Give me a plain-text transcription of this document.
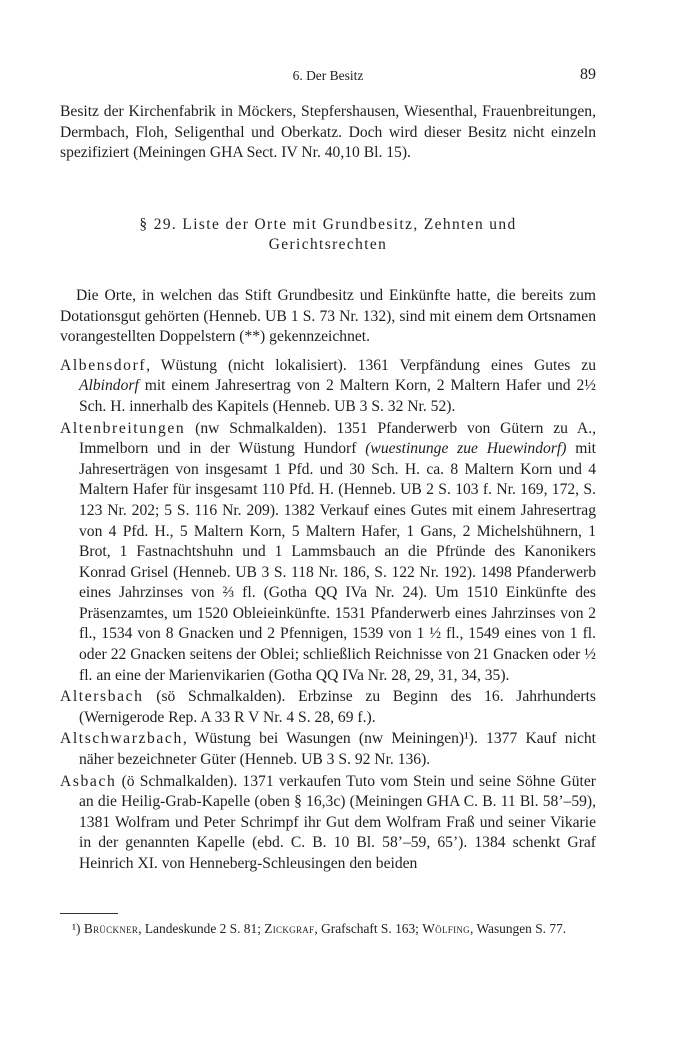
6. Der Besitz	89

Besitz der Kirchenfabrik in Möckers, Stepfershausen, Wiesenthal, Frauenbreitungen, Dermbach, Floh, Seligenthal und Oberkatz. Doch wird dieser Besitz nicht einzeln spezifiziert (Meiningen GHA Sect. IV Nr. 40,10 Bl. 15).

§ 29. Liste der Orte mit Grundbesitz, Zehnten und
Gerichtsrechten

Die Orte, in welchen das Stift Grundbesitz und Einkünfte hatte, die bereits zum Dotationsgut gehörten (Henneb. UB 1 S. 73 Nr. 132), sind mit einem dem Ortsnamen vorangestellten Doppelstern (**) gekennzeichnet.

Albensdorf, Wüstung (nicht lokalisiert). 1361 Verpfändung eines Gutes zu Albindorf mit einem Jahresertrag von 2 Maltern Korn, 2 Maltern Hafer und 2½ Sch. H. innerhalb des Kapitels (Henneb. UB 3 S. 32 Nr. 52).

Altenbreitungen (nw Schmalkalden). 1351 Pfanderwerb von Gütern zu A., Immelborn und in der Wüstung Hundorf (wuestinunge zue Huewindorf) mit Jahreserträgen von insgesamt 1 Pfd. und 30 Sch. H. ca. 8 Maltern Korn und 4 Maltern Hafer für insgesamt 110 Pfd. H. (Henneb. UB 2 S. 103 f. Nr. 169, 172, S. 123 Nr. 202; 5 S. 116 Nr. 209). 1382 Verkauf eines Gutes mit einem Jahresertrag von 4 Pfd. H., 5 Maltern Korn, 5 Maltern Hafer, 1 Gans, 2 Michelshühnern, 1 Brot, 1 Fastnachtshuhn und 1 Lammsbauch an die Pfründe des Kanonikers Konrad Grisel (Henneb. UB 3 S. 118 Nr. 186, S. 122 Nr. 192). 1498 Pfanderwerb eines Jahrzinses von ⅔ fl. (Gotha QQ IVa Nr. 24). Um 1510 Einkünfte des Präsenzamtes, um 1520 Obleieinkünfte. 1531 Pfanderwerb eines Jahrzinses von 2 fl., 1534 von 8 Gnacken und 2 Pfennigen, 1539 von 1 ½ fl., 1549 eines von 1 fl. oder 22 Gnacken seitens der Oblei; schließlich Reichnisse von 21 Gnacken oder ½ fl. an eine der Marienvikarien (Gotha QQ IVa Nr. 28, 29, 31, 34, 35).

Altersbach (sö Schmalkalden). Erbzinse zu Beginn des 16. Jahrhunderts (Wernigerode Rep. A 33 R V Nr. 4 S. 28, 69 f.).

Altschwarzbach, Wüstung bei Wasungen (nw Meiningen)¹). 1377 Kauf nicht näher bezeichneter Güter (Henneb. UB 3 S. 92 Nr. 136).

Asbach (ö Schmalkalden). 1371 verkaufen Tuto vom Stein und seine Söhne Güter an die Heilig-Grab-Kapelle (oben § 16,3c) (Meiningen GHA C. B. 11 Bl. 58’–59), 1381 Wolfram und Peter Schrimpf ihr Gut dem Wolfram Fraß und seiner Vikarie in der genannten Kapelle (ebd. C. B. 10 Bl. 58’–59, 65’). 1384 schenkt Graf Heinrich XI. von Henneberg-Schleusingen den beiden

¹) Brückner, Landeskunde 2 S. 81; Zickgraf, Grafschaft S. 163; Wölfing, Wasungen S. 77.
